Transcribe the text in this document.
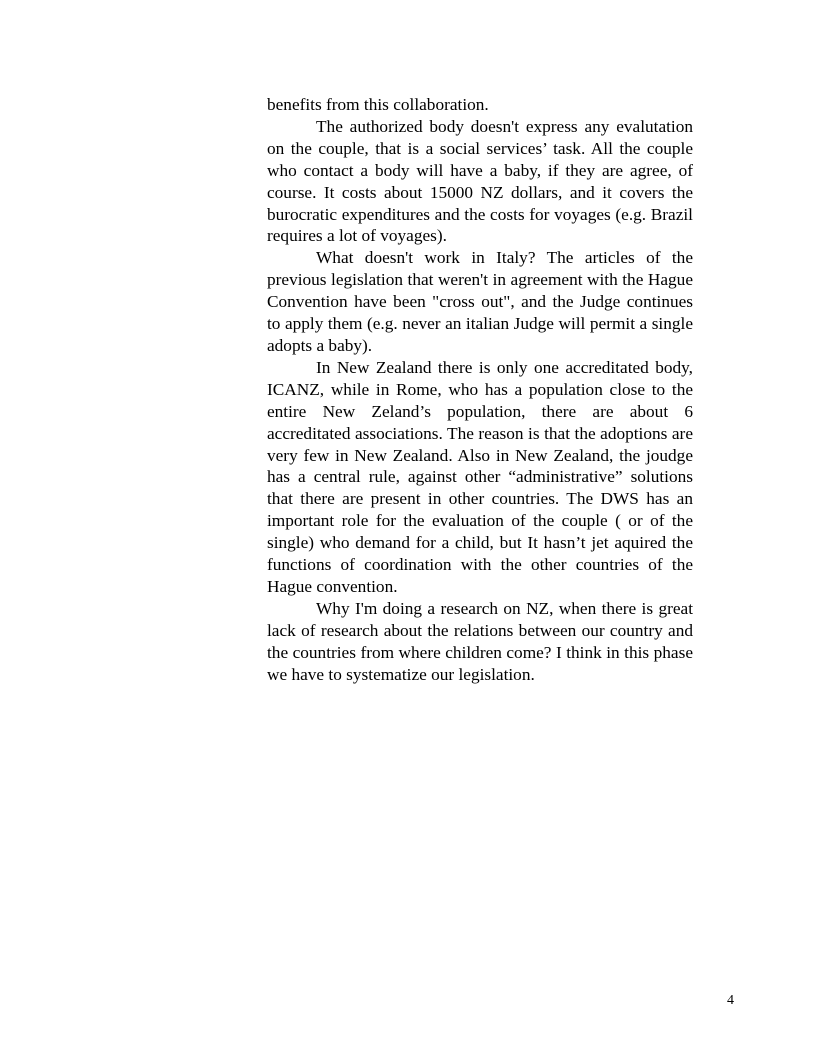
benefits from this collaboration.

The authorized body doesn't express any evalutation on the couple, that is a social services’ task. All the couple who contact a body will have a baby, if they are agree, of course. It costs about 15000 NZ dollars, and it covers the burocratic expenditures and the costs for voyages (e.g. Brazil requires a lot of voyages).

What doesn't work in Italy? The articles of the previous legislation that weren't in agreement with the Hague Convention have been "cross out", and the Judge continues to apply them (e.g. never an italian Judge will permit a single adopts a baby).

In New Zealand there is only one accreditated body, ICANZ, while in Rome, who has a population close to the entire New Zeland’s population, there are about 6 accreditated associations. The reason is that the adoptions are very few in New Zealand. Also in New Zealand, the joudge has a central rule, against other “administrative” solutions that there are present in other countries. The DWS has an important role for the evaluation of the couple ( or of the single) who demand for a child, but It hasn’t jet aquired the functions of coordination with the other countries of the Hague convention.

Why I'm doing a research on NZ, when there is great lack of research about the relations between our country and the countries from where children come? I think in this phase we have to systematize our legislation.

4
